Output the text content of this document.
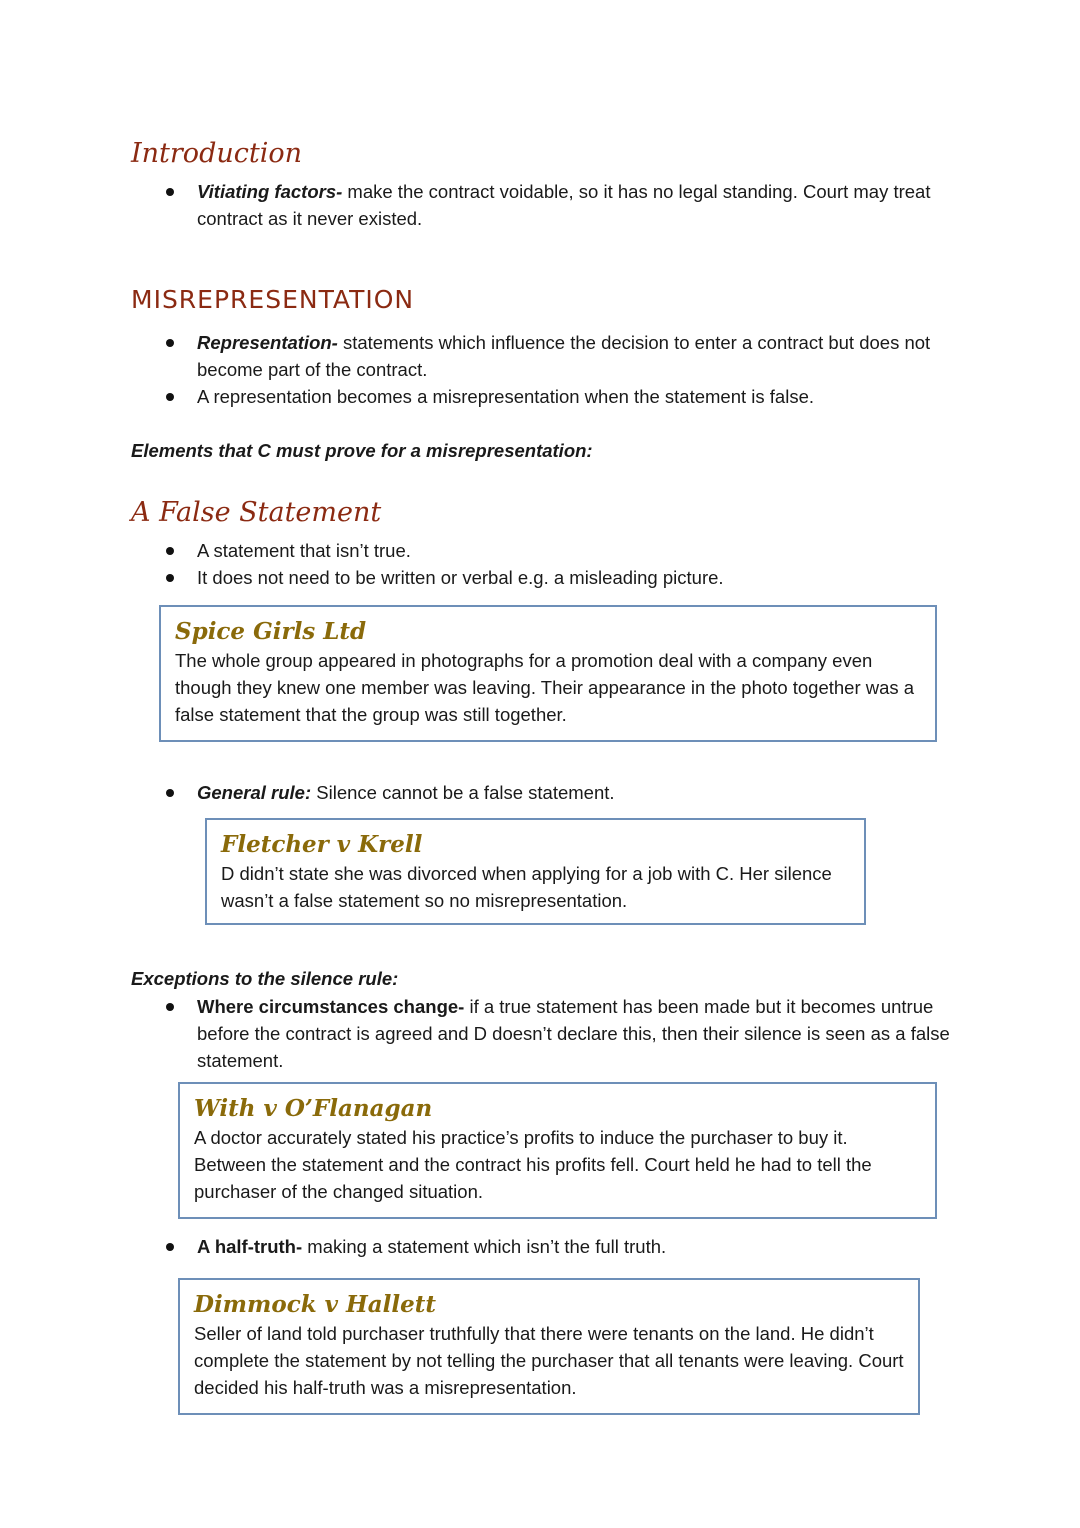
Introduction
Vitiating factors- make the contract voidable, so it has no legal standing. Court may treat contract as it never existed.
MISREPRESENTATION
Representation- statements which influence the decision to enter a contract but does not become part of the contract.
A representation becomes a misrepresentation when the statement is false.
Elements that C must prove for a misrepresentation:
A False Statement
A statement that isn’t true.
It does not need to be written or verbal e.g. a misleading picture.
Spice Girls Ltd
The whole group appeared in photographs for a promotion deal with a company even though they knew one member was leaving. Their appearance in the photo together was a false statement that the group was still together.
General rule: Silence cannot be a false statement.
Fletcher v Krell
D didn’t state she was divorced when applying for a job with C. Her silence wasn’t a false statement so no misrepresentation.
Exceptions to the silence rule:
Where circumstances change- if a true statement has been made but it becomes untrue before the contract is agreed and D doesn’t declare this, then their silence is seen as a false statement.
With v O’Flanagan
A doctor accurately stated his practice’s profits to induce the purchaser to buy it. Between the statement and the contract his profits fell. Court held he had to tell the purchaser of the changed situation.
A half-truth- making a statement which isn’t the full truth.
Dimmock v Hallett
Seller of land told purchaser truthfully that there were tenants on the land. He didn’t complete the statement by not telling the purchaser that all tenants were leaving. Court decided his half-truth was a misrepresentation.
